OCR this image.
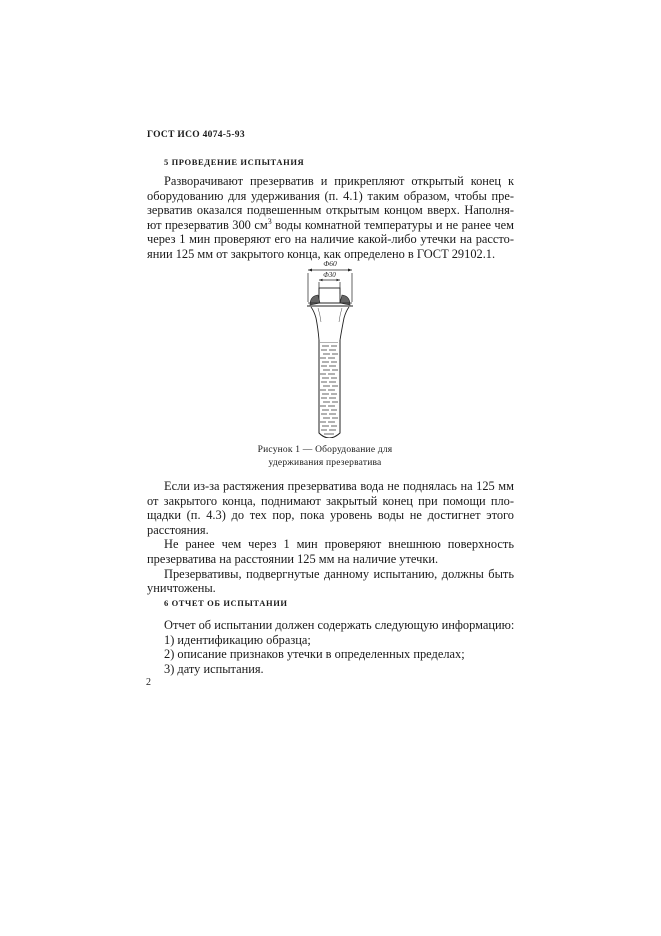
ГОСТ ИСО 4074-5-93
5 ПРОВЕДЕНИЕ ИСПЫТАНИЯ

Разворачивают презерватив и прикрепляют открытый конец к

оборудованию для удерживания (п. 4.1) таким образом, чтобы пре-

зерватив оказался подвешенным открытым концом вверх. Наполня-

ют презерватив 300 $см^3$ воды комнатной температуры и не ранее чем

через 1 мин проверяют его на наличие какой-либо утечки на рассто-

янии 125 мм от закрытого конца, как определено в ГОСТ 29102.1.

Ф60
Ф30
Рисунок 1 — Оборудование для
удерживания презерватива

Если из-за растяжения презерватива вода не поднялась на 125 мм

от закрытого конца, поднимают закрытый конец при помощи пло-

щадки (п. 4.3) до тех пор, пока уровень воды не достигнет этого

расстояния.

Не ранее чем через 1 мин проверяют внешнюю поверхность

презерватива на расстоянии 125 мм на наличие утечки.

Презервативы, подвергнутые данному испытанию, должны быть

уничтожены.

6 ОТЧЕТ ОБ ИСПЫТАНИИ

Отчет об испытании должен содержать следующую информацию:

1) идентификацию образца;

2) описание признаков утечки в определенных пределах;

3) дату испытания.

2
